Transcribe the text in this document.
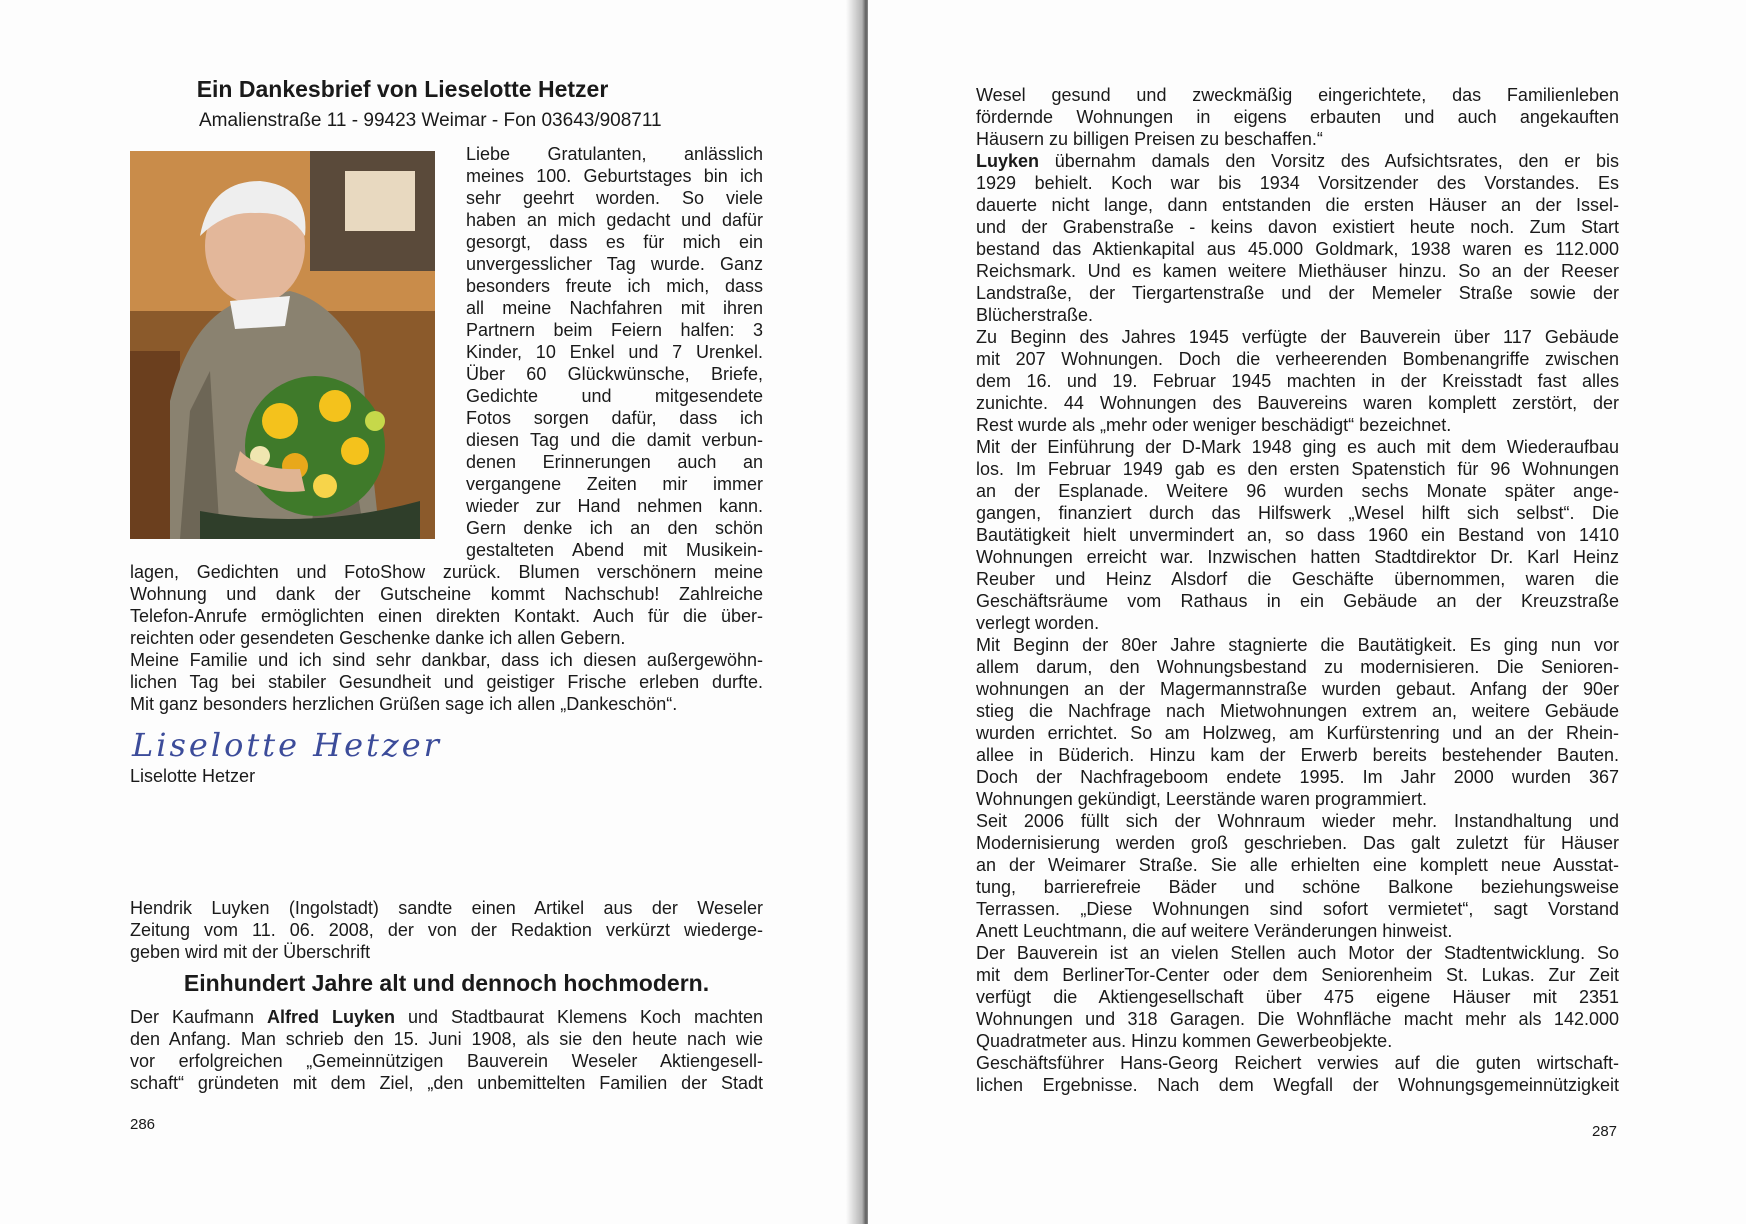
Ein Dankesbrief von Lieselotte Hetzer
Amalienstraße 11 - 99423 Weimar - Fon 03643/908711
Liebe Gratulanten, anlässlich
meines 100. Geburtstages bin ich
sehr geehrt worden. So viele
haben an mich gedacht und dafür
gesorgt, dass es für mich ein
unvergesslicher Tag wurde. Ganz
besonders freute ich mich, dass
all meine Nachfahren mit ihren
Partnern beim Feiern halfen: 3
Kinder, 10 Enkel und 7 Urenkel.
Über 60 Glückwünsche, Briefe,
Gedichte und mitgesendete
Fotos sorgen dafür, dass ich
diesen Tag und die damit verbun-
denen Erinnerungen auch an
vergangene Zeiten mir immer
wieder zur Hand nehmen kann.
Gern denke ich an den schön
gestalteten Abend mit Musikein-
lagen, Gedichten und FotoShow zurück. Blumen verschönern meine
Wohnung und dank der Gutscheine kommt Nachschub! Zahlreiche
Telefon-Anrufe ermöglichten einen direkten Kontakt. Auch für die über-
reichten oder gesendeten Geschenke danke ich allen Gebern.
Meine Familie und ich sind sehr dankbar, dass ich diesen außergewöhn-
lichen Tag bei stabiler Gesundheit und geistiger Frische erleben durfte.
Mit ganz besonders herzlichen Grüßen sage ich allen „Dankeschön“.
Liselotte Hetzer
Liselotte Hetzer
Hendrik Luyken (Ingolstadt) sandte einen Artikel aus der Weseler
Zeitung vom 11. 06. 2008, der von der Redaktion verkürzt wiederge-
geben wird mit der Überschrift
Einhundert Jahre alt und dennoch hochmodern.
Der Kaufmann Alfred Luyken und Stadtbaurat Klemens Koch machten
den Anfang. Man schrieb den 15. Juni 1908, als sie den heute nach wie
vor erfolgreichen „Gemeinnützigen Bauverein Weseler Aktiengesell-
schaft“ gründeten mit dem Ziel, „den unbemittelten Familien der Stadt
286
Wesel gesund und zweckmäßig eingerichtete, das Familienleben
fördernde Wohnungen in eigens erbauten und auch angekauften
Häusern zu billigen Preisen zu beschaffen.“
Luyken übernahm damals den Vorsitz des Aufsichtsrates, den er bis
1929 behielt. Koch war bis 1934 Vorsitzender des Vorstandes. Es
dauerte nicht lange, dann entstanden die ersten Häuser an der Issel-
und der Grabenstraße - keins davon existiert heute noch. Zum Start
bestand das Aktienkapital aus 45.000 Goldmark, 1938 waren es 112.000
Reichsmark. Und es kamen weitere Miethäuser hinzu. So an der Reeser
Landstraße, der Tiergartenstraße und der Memeler Straße sowie der
Blücherstraße.
Zu Beginn des Jahres 1945 verfügte der Bauverein über 117 Gebäude
mit 207 Wohnungen. Doch die verheerenden Bombenangriffe zwischen
dem 16. und 19. Februar 1945 machten in der Kreisstadt fast alles
zunichte. 44 Wohnungen des Bauvereins waren komplett zerstört, der
Rest wurde als „mehr oder weniger beschädigt“ bezeichnet.
Mit der Einführung der D-Mark 1948 ging es auch mit dem Wiederaufbau
los. Im Februar 1949 gab es den ersten Spatenstich für 96 Wohnungen
an der Esplanade. Weitere 96 wurden sechs Monate später ange-
gangen, finanziert durch das Hilfswerk „Wesel hilft sich selbst“. Die
Bautätigkeit hielt unvermindert an, so dass 1960 ein Bestand von 1410
Wohnungen erreicht war. Inzwischen hatten Stadtdirektor Dr. Karl Heinz
Reuber und Heinz Alsdorf die Geschäfte übernommen, waren die
Geschäftsräume vom Rathaus in ein Gebäude an der Kreuzstraße
verlegt worden.
Mit Beginn der 80er Jahre stagnierte die Bautätigkeit. Es ging nun vor
allem darum, den Wohnungsbestand zu modernisieren. Die Senioren-
wohnungen an der Magermannstraße wurden gebaut. Anfang der 90er
stieg die Nachfrage nach Mietwohnungen extrem an, weitere Gebäude
wurden errichtet. So am Holzweg, am Kurfürstenring und an der Rhein-
allee in Büderich. Hinzu kam der Erwerb bereits bestehender Bauten.
Doch der Nachfrageboom endete 1995. Im Jahr 2000 wurden 367
Wohnungen gekündigt, Leerstände waren programmiert.
Seit 2006 füllt sich der Wohnraum wieder mehr. Instandhaltung und
Modernisierung werden groß geschrieben. Das galt zuletzt für Häuser
an der Weimarer Straße. Sie alle erhielten eine komplett neue Ausstat-
tung, barrierefreie Bäder und schöne Balkone beziehungsweise
Terrassen. „Diese Wohnungen sind sofort vermietet“, sagt Vorstand
Anett Leuchtmann, die auf weitere Veränderungen hinweist.
Der Bauverein ist an vielen Stellen auch Motor der Stadtentwicklung. So
mit dem BerlinerTor-Center oder dem Seniorenheim St. Lukas. Zur Zeit
verfügt die Aktiengesellschaft über 475 eigene Häuser mit 2351
Wohnungen und 318 Garagen. Die Wohnfläche macht mehr als 142.000
Quadratmeter aus. Hinzu kommen Gewerbeobjekte.
Geschäftsführer Hans-Georg Reichert verwies auf die guten wirtschaft-
lichen Ergebnisse. Nach dem Wegfall der Wohnungsgemeinnützigkeit
287
